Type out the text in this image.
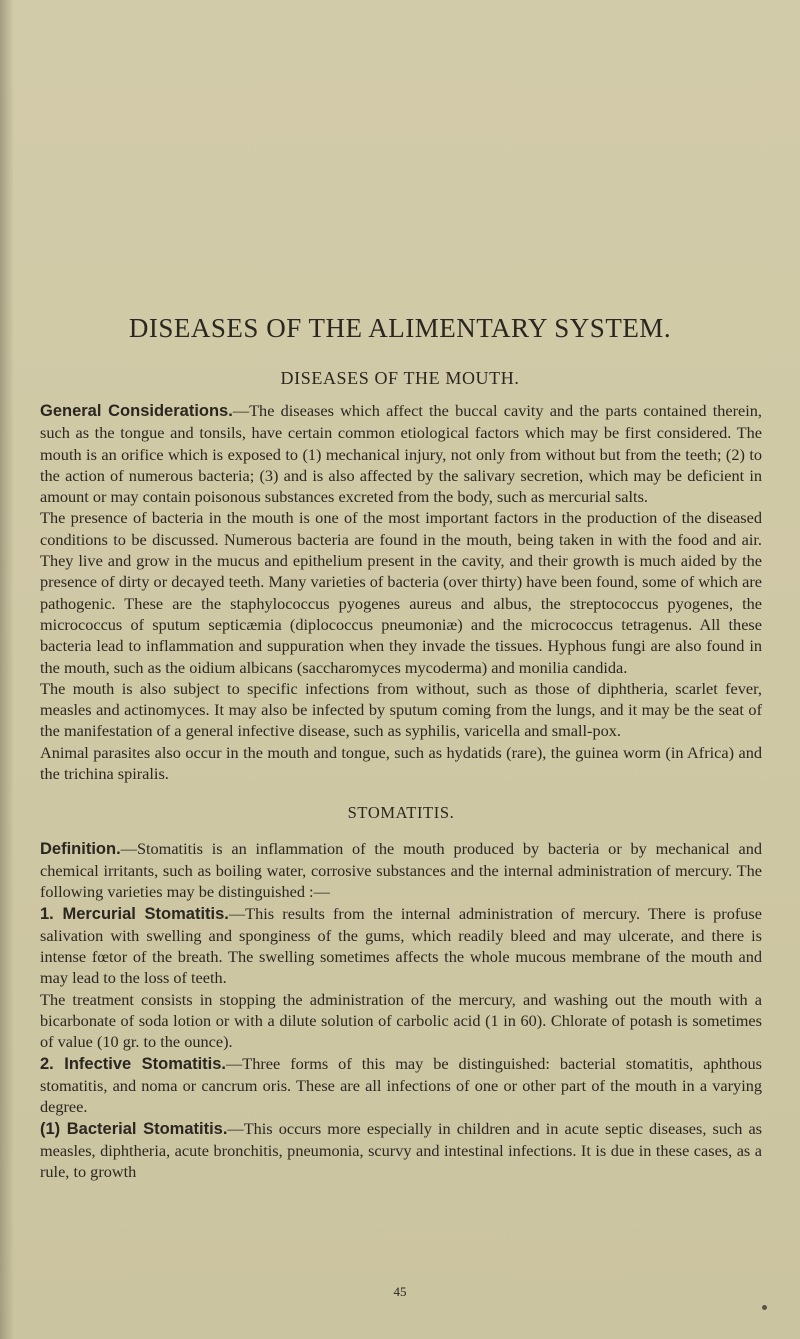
DISEASES OF THE ALIMENTARY SYSTEM.
DISEASES OF THE MOUTH.

General Considerations.—The diseases which affect the buccal cavity and the parts contained therein, such as the tongue and tonsils, have certain common etiological factors which may be first considered. The mouth is an orifice which is exposed to (1) mechanical injury, not only from without but from the teeth; (2) to the action of numerous bacteria; (3) and is also affected by the salivary secretion, which may be deficient in amount or may contain poisonous substances excreted from the body, such as mercurial salts.

The presence of bacteria in the mouth is one of the most important factors in the production of the diseased conditions to be discussed. Numerous bacteria are found in the mouth, being taken in with the food and air. They live and grow in the mucus and epithelium present in the cavity, and their growth is much aided by the presence of dirty or decayed teeth. Many varieties of bacteria (over thirty) have been found, some of which are pathogenic. These are the staphylococcus pyogenes aureus and albus, the streptococcus pyogenes, the micrococcus of sputum septicæmia (diplococcus pneumoniæ) and the micrococcus tetragenus. All these bacteria lead to inflammation and suppuration when they invade the tissues. Hyphous fungi are also found in the mouth, such as the oidium albicans (saccharomyces mycoderma) and monilia candida.

The mouth is also subject to specific infections from without, such as those of diphtheria, scarlet fever, measles and actinomyces. It may also be infected by sputum coming from the lungs, and it may be the seat of the manifestation of a general infective disease, such as syphilis, varicella and small-pox.

Animal parasites also occur in the mouth and tongue, such as hydatids (rare), the guinea worm (in Africa) and the trichina spiralis.

STOMATITIS.

Definition.—Stomatitis is an inflammation of the mouth produced by bacteria or by mechanical and chemical irritants, such as boiling water, corrosive substances and the internal administration of mercury. The following varieties may be distinguished :—

1. Mercurial Stomatitis.—This results from the internal administration of mercury. There is profuse salivation with swelling and sponginess of the gums, which readily bleed and may ulcerate, and there is intense fœtor of the breath. The swelling sometimes affects the whole mucous membrane of the mouth and may lead to the loss of teeth.

The treatment consists in stopping the administration of the mercury, and washing out the mouth with a bicarbonate of soda lotion or with a dilute solution of carbolic acid (1 in 60). Chlorate of potash is sometimes of value (10 gr. to the ounce).

2. Infective Stomatitis.—Three forms of this may be distinguished: bacterial stomatitis, aphthous stomatitis, and noma or cancrum oris. These are all infections of one or other part of the mouth in a varying degree.

(1) Bacterial Stomatitis.—This occurs more especially in children and in acute septic diseases, such as measles, diphtheria, acute bronchitis, pneumonia, scurvy and intestinal infections. It is due in these cases, as a rule, to growth

45
